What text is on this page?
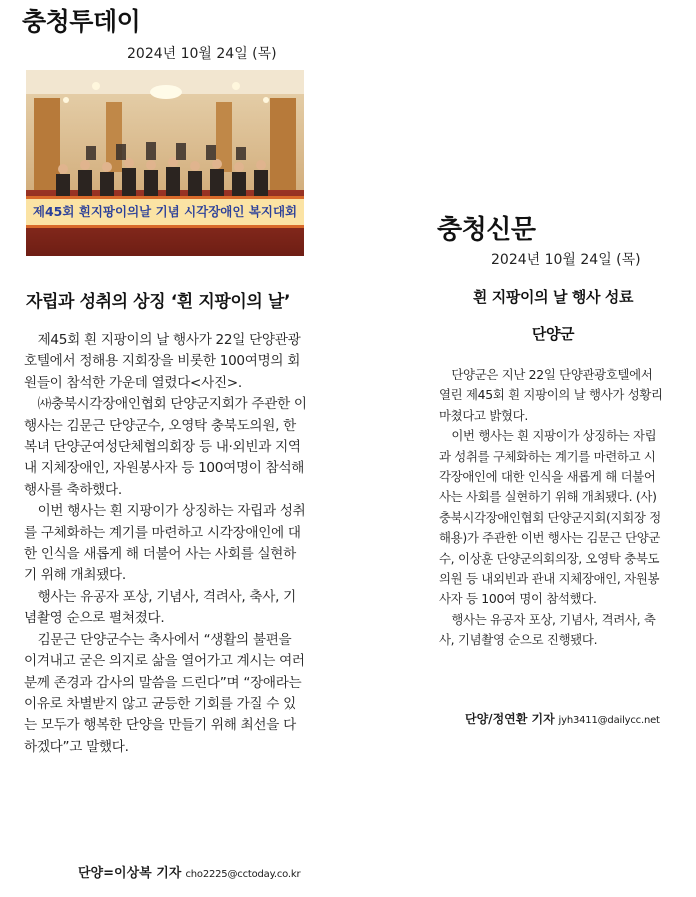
충청투데이
2024년 10월 24일 (목)
제45회 흰지팡이의날 기념 시각장애인 복지대회
자립과 성취의 상징 ‘흰 지팡이의 날’

제45회 흰 지팡이의 날 행사가 22일 단양관광호텔에서 정해용 지회장을 비롯한 100여명의 회원들이 참석한 가운데 열렸다<사진>.

㈔충북시각장애인협회 단양군지회가 주관한 이 행사는 김문근 단양군수, 오영탁 충북도의원, 한복녀 단양군여성단체협의회장 등 내·외빈과 지역 내 지체장애인, 자원봉사자 등 100여명이 참석해 행사를 축하했다.

이번 행사는 흰 지팡이가 상징하는 자립과 성취를 구체화하는 계기를 마련하고 시각장애인에 대한 인식을 새롭게 해 더불어 사는 사회를 실현하기 위해 개최됐다.

행사는 유공자 포상, 기념사, 격려사, 축사, 기념촬영 순으로 펼쳐졌다.

김문근 단양군수는 축사에서 “생활의 불편을 이겨내고 굳은 의지로 삶을 열어가고 계시는 여러분께 존경과 감사의 말씀을 드린다”며 “장애라는 이유로 차별받지 않고 균등한 기회를 가질 수 있는 모두가 행복한 단양을 만들기 위해 최선을 다하겠다”고 말했다.

단양=이상복 기자 cho2225@cctoday.co.kr
충청신문
2024년 10월 24일 (목)
흰 지팡이의 날 행사 성료
단양군

단양군은 지난 22일 단양관광호텔에서 열린 제45회 흰 지팡이의 날 행사가 성황리 마쳤다고 밝혔다.

이번 행사는 흰 지팡이가 상징하는 자립과 성취를 구체화하는 계기를 마련하고 시각장애인에 대한 인식을 새롭게 해 더불어 사는 사회를 실현하기 위해 개최됐다. (사)충북시각장애인협회 단양군지회(지회장 정해용)가 주관한 이번 행사는 김문근 단양군수, 이상훈 단양군의회의장, 오영탁 충북도의원 등 내외빈과 관내 지체장애인, 자원봉사자 등 100여 명이 참석했다.

행사는 유공자 포상, 기념사, 격려사, 축사, 기념촬영 순으로 진행됐다.

단양/정연환 기자 jyh3411@dailycc.net
